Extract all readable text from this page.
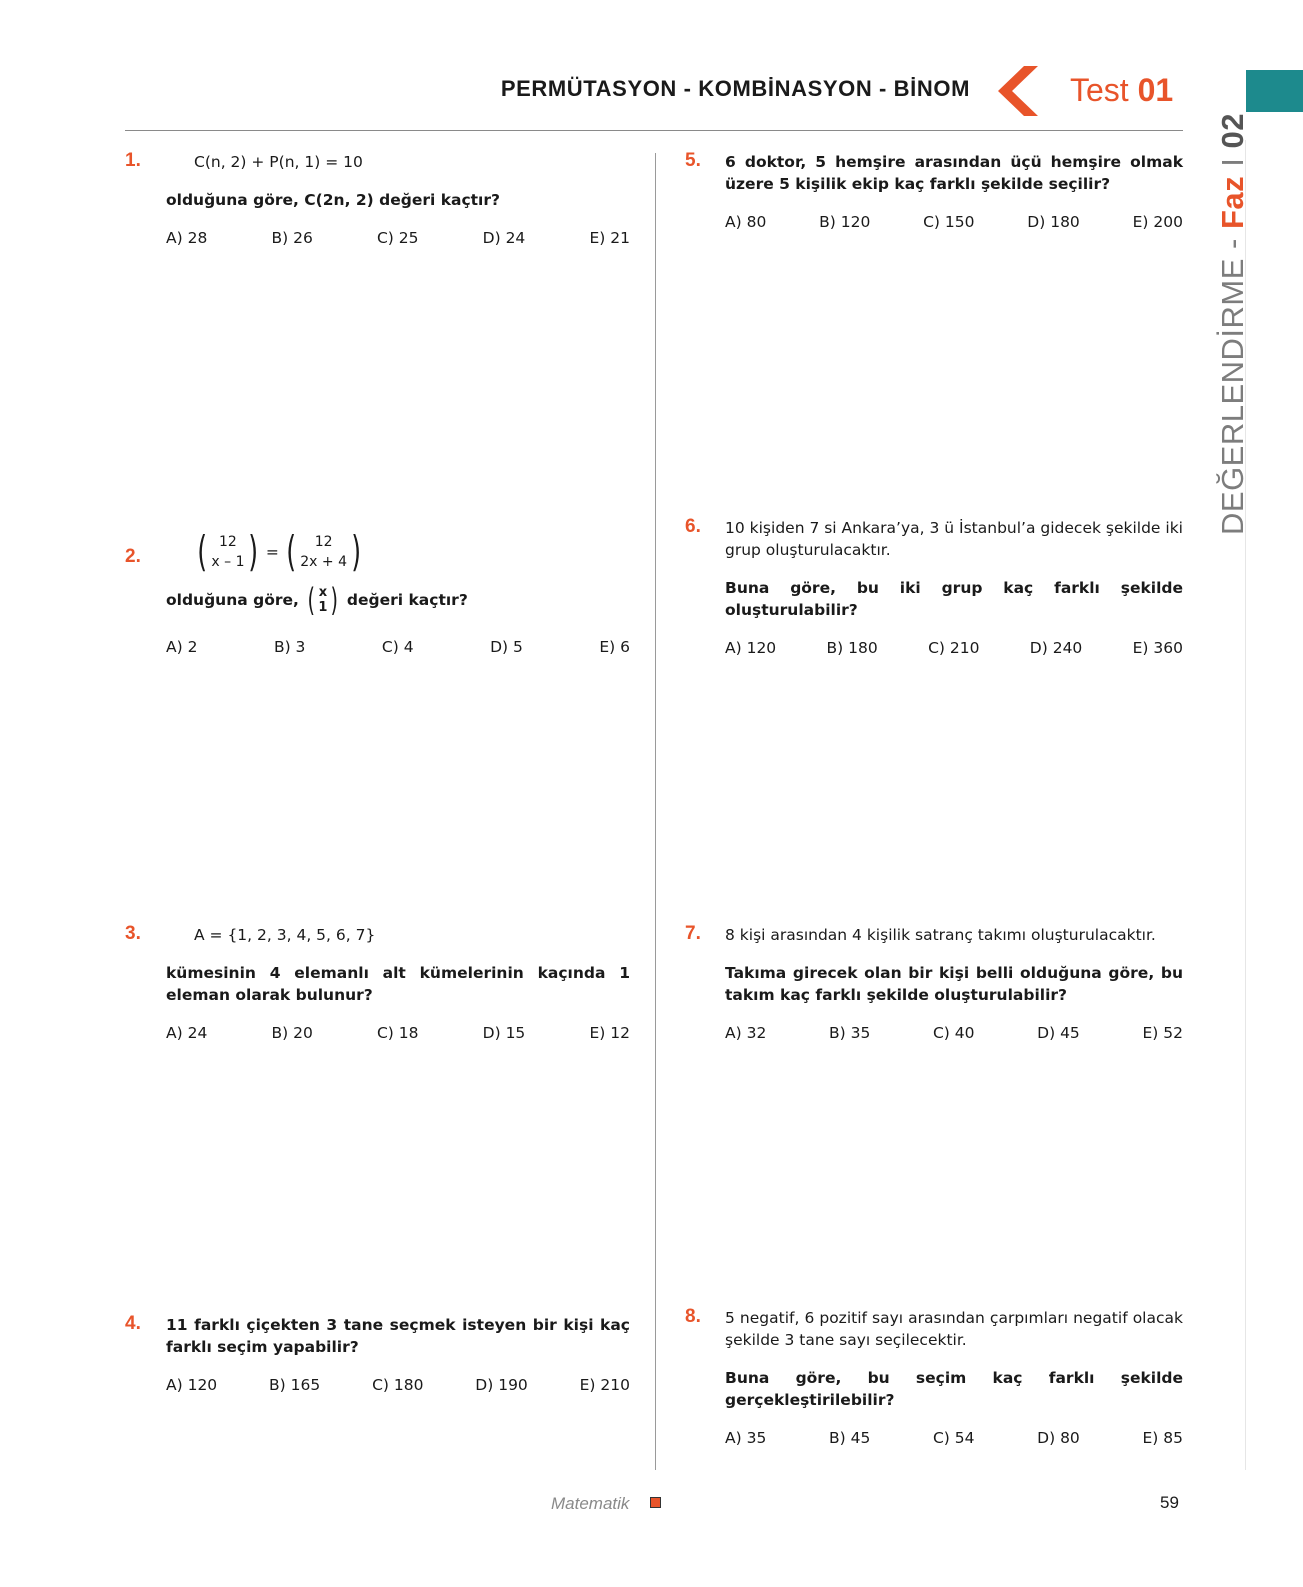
PERMÜTASYON - KOMBİNASYON - BİNOM	Test 01
DEĞERLENDİRME - Faz I 02
1.	C(n, 2) + P(n, 1) = 10
olduğuna göre, C(2n, 2) değeri kaçtır?
A) 28	B) 26	C) 25	D) 24	E) 21
2. ( 12
x – 1 ) = ( 12
2x + 4 )
olduğuna göre, ( x
1 ) değeri kaçtır?
A) 2	B) 3	C) 4	D) 5	E) 6
3.	A = {1, 2, 3, 4, 5, 6, 7}
kümesinin 4 elemanlı alt kümelerinin kaçında 1 eleman olarak bulunur?
A) 24	B) 20	C) 18	D) 15	E) 12
4. 11 farklı çiçekten 3 tane seçmek isteyen bir kişi kaç farklı seçim yapabilir?
A) 120	B) 165	C) 180	D) 190	E) 210
5. 6 doktor, 5 hemşire arasından üçü hemşire olmak üzere 5 kişilik ekip kaç farklı şekilde seçilir?
A) 80	B) 120	C) 150	D) 180	E) 200
6. 10 kişiden 7 si Ankara’ya, 3 ü İstanbul’a gidecek şekilde iki grup oluşturulacaktır.
Buna göre, bu iki grup kaç farklı şekilde oluşturulabilir?
A) 120	B) 180	C) 210	D) 240	E) 360
7. 8 kişi arasından 4 kişilik satranç takımı oluşturulacaktır.
Takıma girecek olan bir kişi belli olduğuna göre, bu takım kaç farklı şekilde oluşturulabilir?
A) 32	B) 35	C) 40	D) 45	E) 52
8. 5 negatif, 6 pozitif sayı arasından çarpımları negatif olacak şekilde 3 tane sayı seçilecektir.
Buna göre, bu seçim kaç farklı şekilde gerçekleştirilebilir?
A) 35	B) 45	C) 54	D) 80	E) 85
Matematik	59
